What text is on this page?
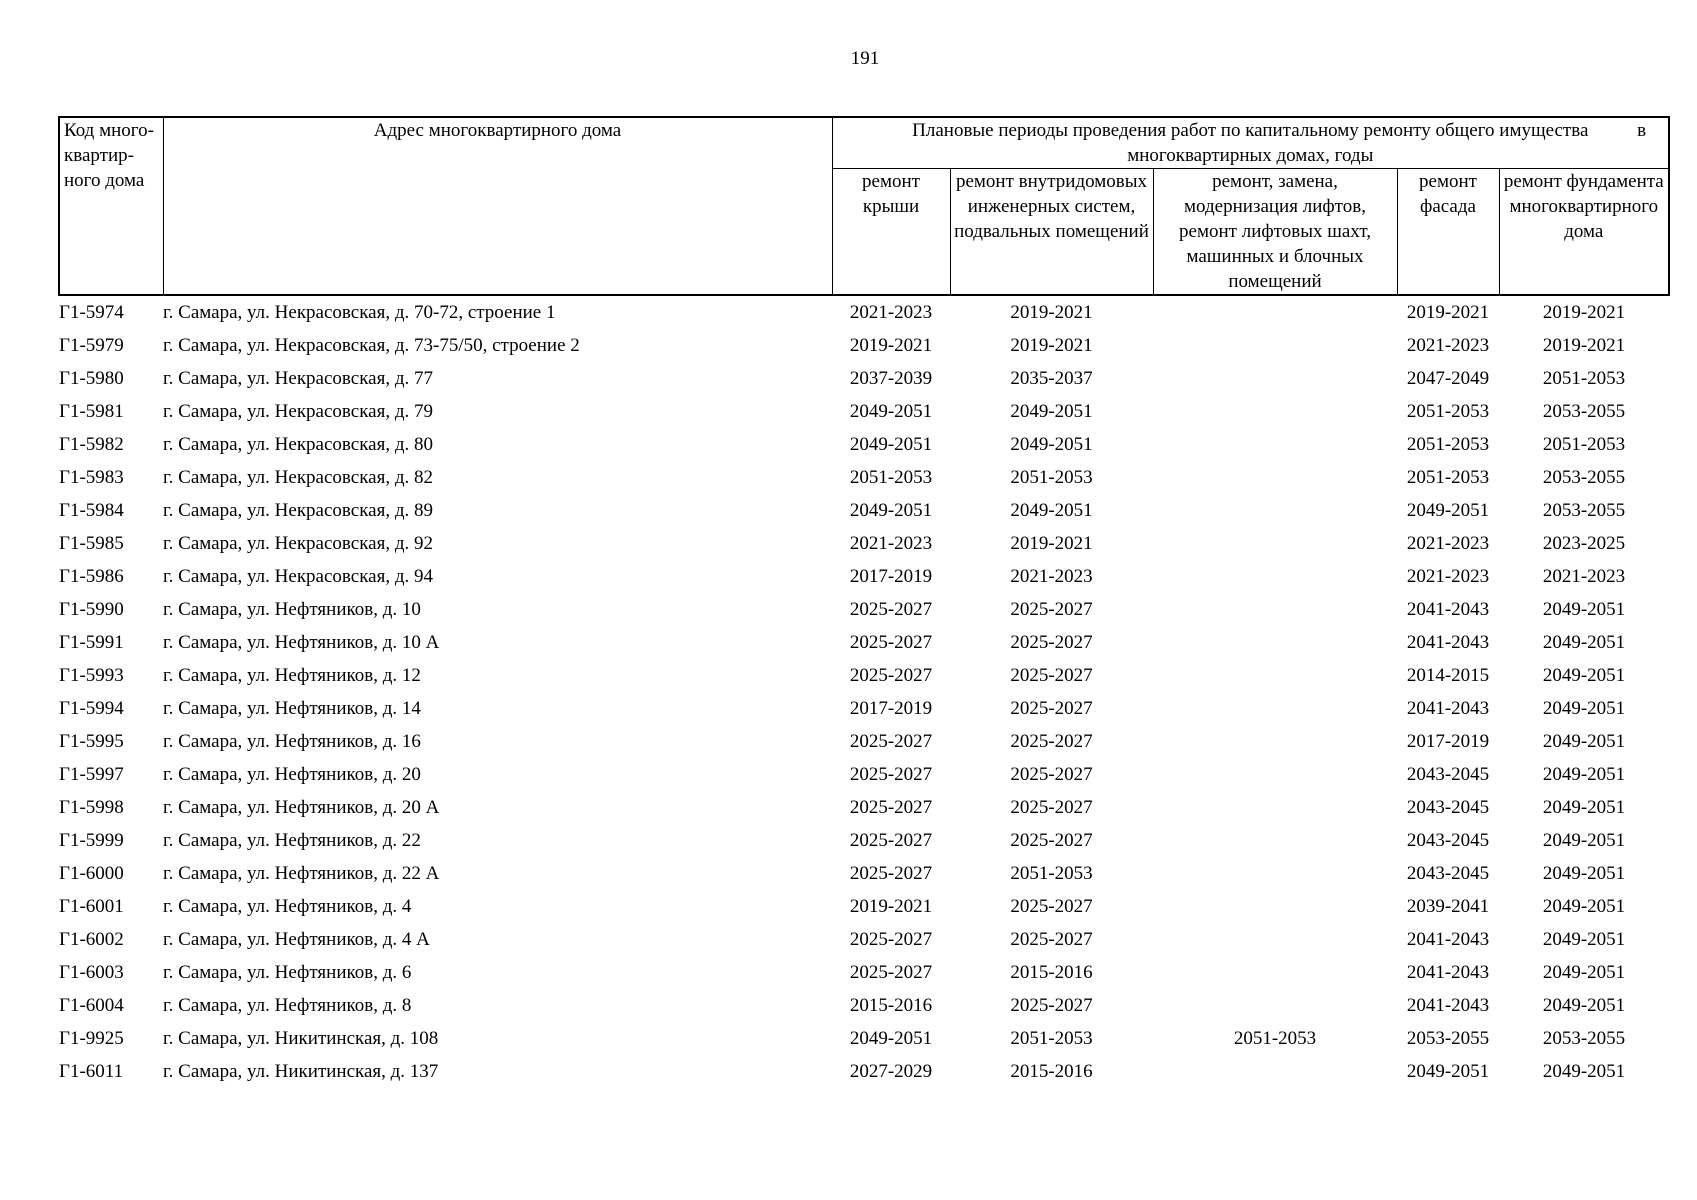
191
Код много-квартир-ного дома	Адрес многоквартирного дома	Плановые периоды проведения работ по капитальному ремонту общего имущества в

многоквартирных домах, годы				
		ремонт крыши	ремонт внутридомовых инженерных систем, подвальных помещений	ремонт, замена, модернизация лифтов, ремонт лифтовых шахт, машинных и блочных помещений	ремонт фасада	ремонт фундамента многоквартирного дома
Г1-5974	г. Самара, ул. Некрасовская, д. 70-72, строение 1	2021-2023	2019-2021		2019-2021	2019-2021
Г1-5979	г. Самара, ул. Некрасовская, д. 73-75/50, строение 2	2019-2021	2019-2021		2021-2023	2019-2021
Г1-5980	г. Самара, ул. Некрасовская, д. 77	2037-2039	2035-2037		2047-2049	2051-2053
Г1-5981	г. Самара, ул. Некрасовская, д. 79	2049-2051	2049-2051		2051-2053	2053-2055
Г1-5982	г. Самара, ул. Некрасовская, д. 80	2049-2051	2049-2051		2051-2053	2051-2053
Г1-5983	г. Самара, ул. Некрасовская, д. 82	2051-2053	2051-2053		2051-2053	2053-2055
Г1-5984	г. Самара, ул. Некрасовская, д. 89	2049-2051	2049-2051		2049-2051	2053-2055
Г1-5985	г. Самара, ул. Некрасовская, д. 92	2021-2023	2019-2021		2021-2023	2023-2025
Г1-5986	г. Самара, ул. Некрасовская, д. 94	2017-2019	2021-2023		2021-2023	2021-2023
Г1-5990	г. Самара, ул. Нефтяников, д. 10	2025-2027	2025-2027		2041-2043	2049-2051
Г1-5991	г. Самара, ул. Нефтяников, д. 10 А	2025-2027	2025-2027		2041-2043	2049-2051
Г1-5993	г. Самара, ул. Нефтяников, д. 12	2025-2027	2025-2027		2014-2015	2049-2051
Г1-5994	г. Самара, ул. Нефтяников, д. 14	2017-2019	2025-2027		2041-2043	2049-2051
Г1-5995	г. Самара, ул. Нефтяников, д. 16	2025-2027	2025-2027		2017-2019	2049-2051
Г1-5997	г. Самара, ул. Нефтяников, д. 20	2025-2027	2025-2027		2043-2045	2049-2051
Г1-5998	г. Самара, ул. Нефтяников, д. 20 А	2025-2027	2025-2027		2043-2045	2049-2051
Г1-5999	г. Самара, ул. Нефтяников, д. 22	2025-2027	2025-2027		2043-2045	2049-2051
Г1-6000	г. Самара, ул. Нефтяников, д. 22 А	2025-2027	2051-2053		2043-2045	2049-2051
Г1-6001	г. Самара, ул. Нефтяников, д. 4	2019-2021	2025-2027		2039-2041	2049-2051
Г1-6002	г. Самара, ул. Нефтяников, д. 4 А	2025-2027	2025-2027		2041-2043	2049-2051
Г1-6003	г. Самара, ул. Нефтяников, д. 6	2025-2027	2015-2016		2041-2043	2049-2051
Г1-6004	г. Самара, ул. Нефтяников, д. 8	2015-2016	2025-2027		2041-2043	2049-2051
Г1-9925	г. Самара, ул. Никитинская, д. 108	2049-2051	2051-2053	2051-2053	2053-2055	2053-2055
Г1-6011	г. Самара, ул. Никитинская, д. 137	2027-2029	2015-2016		2049-2051	2049-2051
